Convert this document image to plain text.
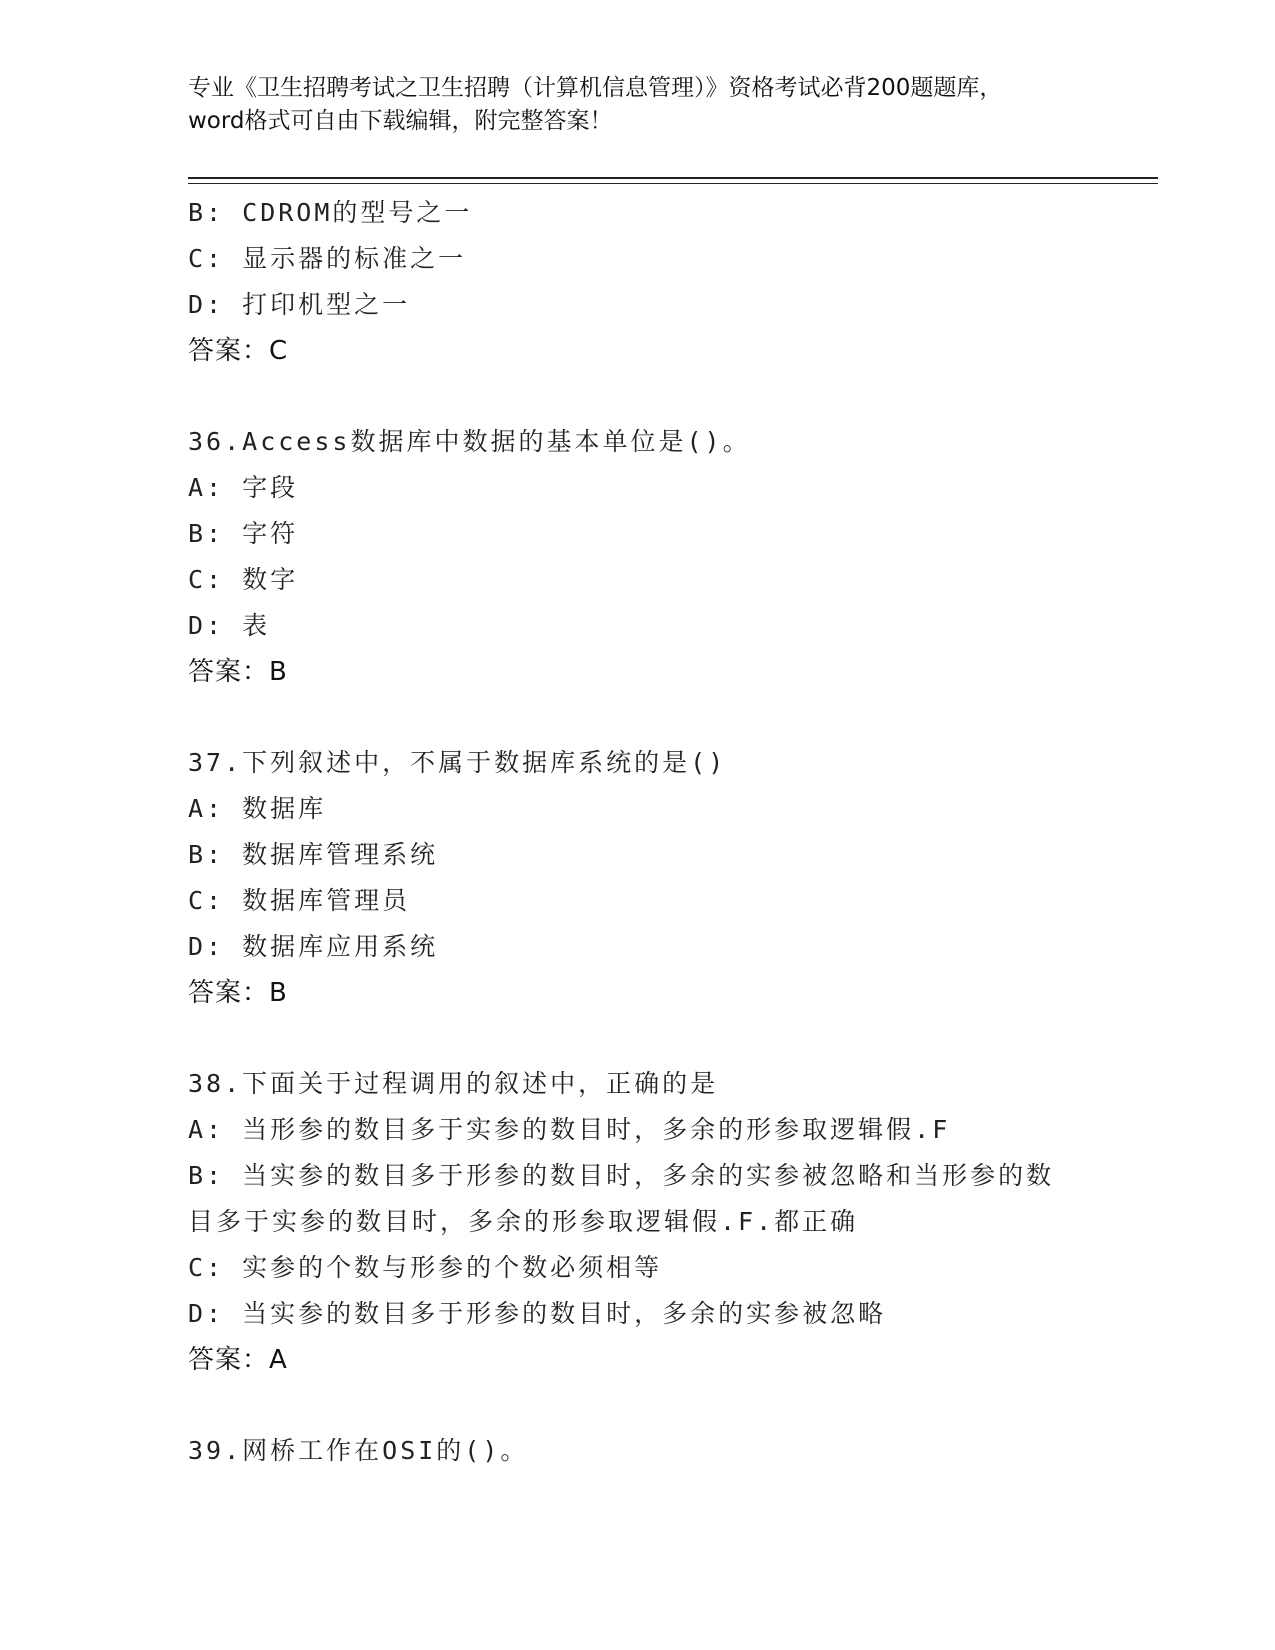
专业《卫生招聘考试之卫生招聘（计算机信息管理）》资格考试必背200题题库，
word格式可自由下载编辑，附完整答案！
B: CDROM的型号之一
C: 显示器的标准之一
D: 打印机型之一
答案：C
36.Access数据库中数据的基本单位是()。
A: 字段
B: 字符
C: 数字
D: 表
答案：B
37.下列叙述中，不属于数据库系统的是()
A: 数据库
B: 数据库管理系统
C: 数据库管理员
D: 数据库应用系统
答案：B
38.下面关于过程调用的叙述中，正确的是
A: 当形参的数目多于实参的数目时，多余的形参取逻辑假.F
B: 当实参的数目多于形参的数目时，多余的实参被忽略和当形参的数
目多于实参的数目时，多余的形参取逻辑假.F.都正确
C: 实参的个数与形参的个数必须相等
D: 当实参的数目多于形参的数目时，多余的实参被忽略
答案：A
39.网桥工作在OSI的()。
